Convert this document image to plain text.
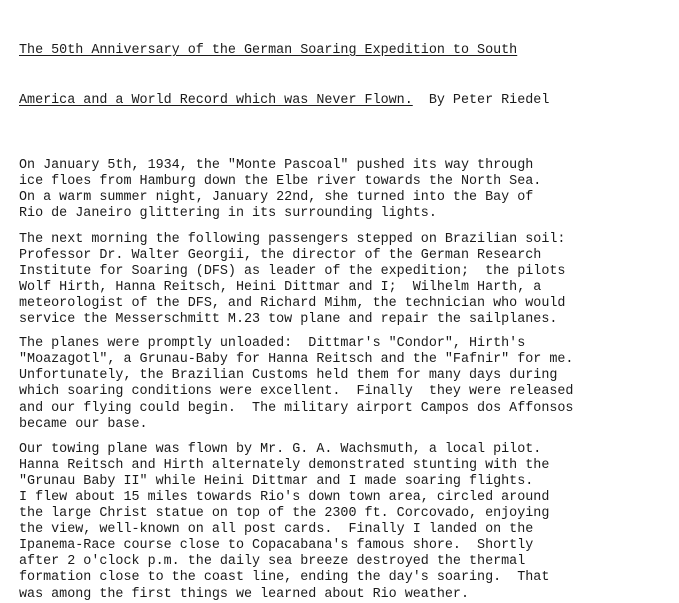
The 50th Anniversary of the German Soaring Expedition to South

America and a World Record which was Never Flown.  By Peter Riedel

On January 5th, 1934, the "Monte Pascoal" pushed its way through
ice floes from Hamburg down the Elbe river towards the North Sea.
On a warm summer night, January 22nd, she turned into the Bay of
Rio de Janeiro glittering in its surrounding lights.

The next morning the following passengers stepped on Brazilian soil:
Professor Dr. Walter Georgii, the director of the German Research
Institute for Soaring (DFS) as leader of the expedition;  the pilots
Wolf Hirth, Hanna Reitsch, Heini Dittmar and I;  Wilhelm Harth, a
meteorologist of the DFS, and Richard Mihm, the technician who would
service the Messerschmitt M.23 tow plane and repair the sailplanes.

The planes were promptly unloaded:  Dittmar's "Condor", Hirth's
"Moazagotl", a Grunau-Baby for Hanna Reitsch and the "Fafnir" for me.
Unfortunately, the Brazilian Customs held them for many days during
which soaring conditions were excellent.  Finally  they were released
and our flying could begin.  The military airport Campos dos Affonsos
became our base.

Our towing plane was flown by Mr. G. A. Wachsmuth, a local pilot.
Hanna Reitsch and Hirth alternately demonstrated stunting with the
"Grunau Baby II" while Heini Dittmar and I made soaring flights.
I flew about 15 miles towards Rio's down town area, circled around
the large Christ statue on top of the 2300 ft. Corcovado, enjoying
the view, well-known on all post cards.  Finally I landed on the
Ipanema-Race course close to Copacabana's famous shore.  Shortly
after 2 o'clock p.m. the daily sea breeze destroyed the thermal
formation close to the coast line, ending the day's soaring.  That
was among the first things we learned about Rio weather.
